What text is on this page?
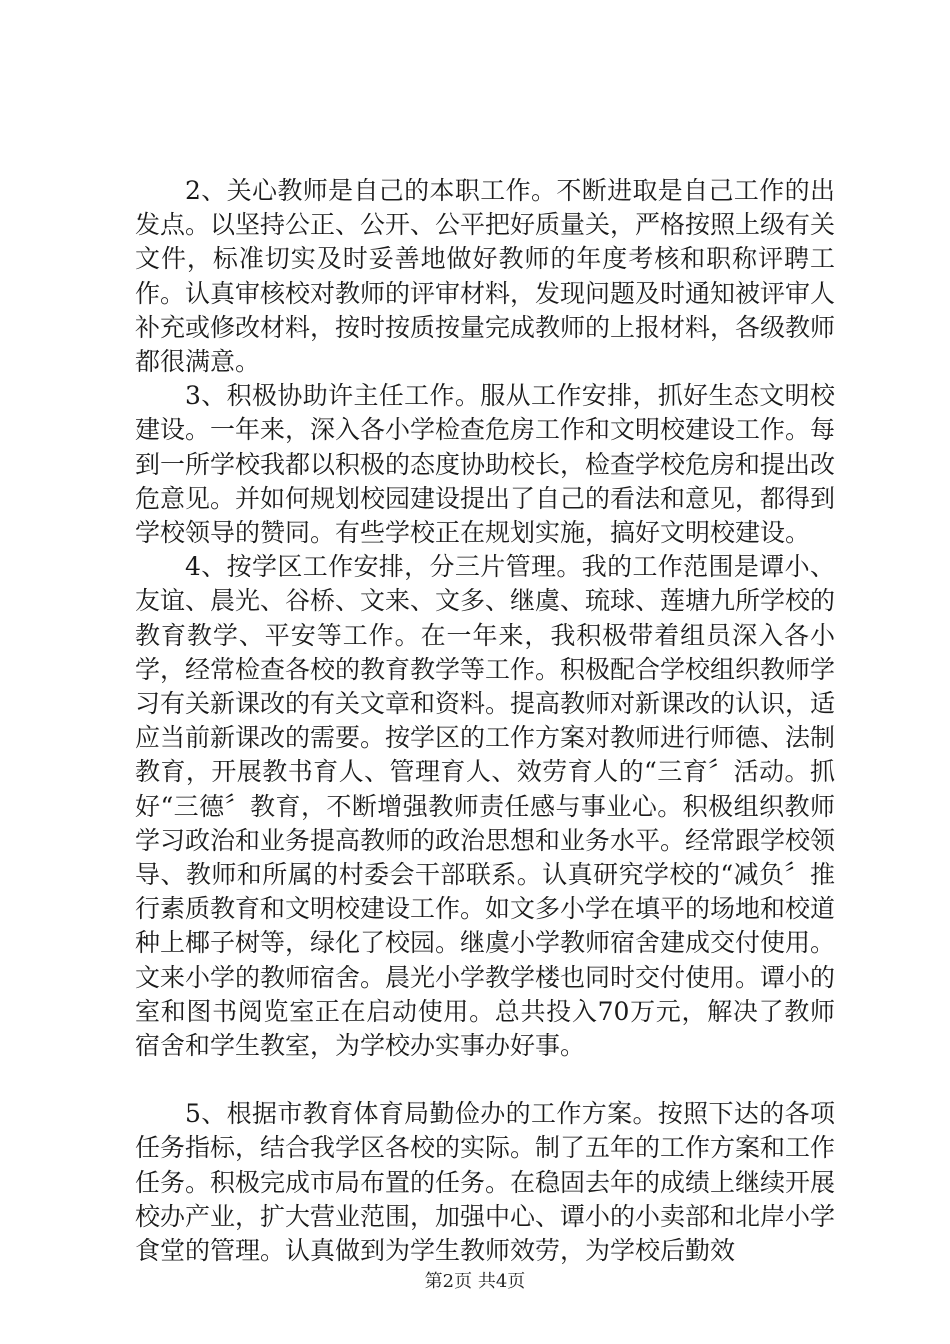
2、关心教师是自己的本职工作。不断进取是自己工作的出发点。以坚持公正、公开、公平把好质量关，严格按照上级有关文件，标准切实及时妥善地做好教师的年度考核和职称评聘工作。认真审核校对教师的评审材料，发现问题及时通知被评审人补充或修改材料，按时按质按量完成教师的上报材料，各级教师都很满意。

3、积极协助许主任工作。服从工作安排，抓好生态文明校建设。一年来，深入各小学检查危房工作和文明校建设工作。每到一所学校我都以积极的态度协助校长，检查学校危房和提出改危意见。并如何规划校园建设提出了自己的看法和意见，都得到学校领导的赞同。有些学校正在规划实施，搞好文明校建设。

4、按学区工作安排，分三片管理。我的工作范围是谭小、友谊、晨光、谷桥、文来、文多、继虞、琉球、莲塘九所学校的教育教学、平安等工作。在一年来，我积极带着组员深入各小学，经常检查各校的教育教学等工作。积极配合学校组织教师学习有关新课改的有关文章和资料。提高教师对新课改的认识，适应当前新课改的需要。按学区的工作方案对教师进行师德、法制教育，开展教书育人、管理育人、效劳育人的“三育〞活动。抓好“三德〞教育，不断增强教师责任感与事业心。积极组织教师学习政治和业务提高教师的政治思想和业务水平。经常跟学校领导、教师和所属的村委会干部联系。认真研究学校的“减负〞推行素质教育和文明校建设工作。如文多小学在填平的场地和校道种上椰子树等，绿化了校园。继虞小学教师宿舍建成交付使用。文来小学的教师宿舍。晨光小学教学楼也同时交付使用。谭小的室和图书阅览室正在启动使用。总共投入70万元，解决了教师宿舍和学生教室，为学校办实事办好事。

5、根据市教育体育局勤俭办的工作方案。按照下达的各项任务指标，结合我学区各校的实际。制了五年的工作方案和工作任务。积极完成市局布置的任务。在稳固去年的成绩上继续开展校办产业，扩大营业范围，加强中心、谭小的小卖部和北岸小学食堂的管理。认真做到为学生教师效劳，为学校后勤效

第2页 共4页
